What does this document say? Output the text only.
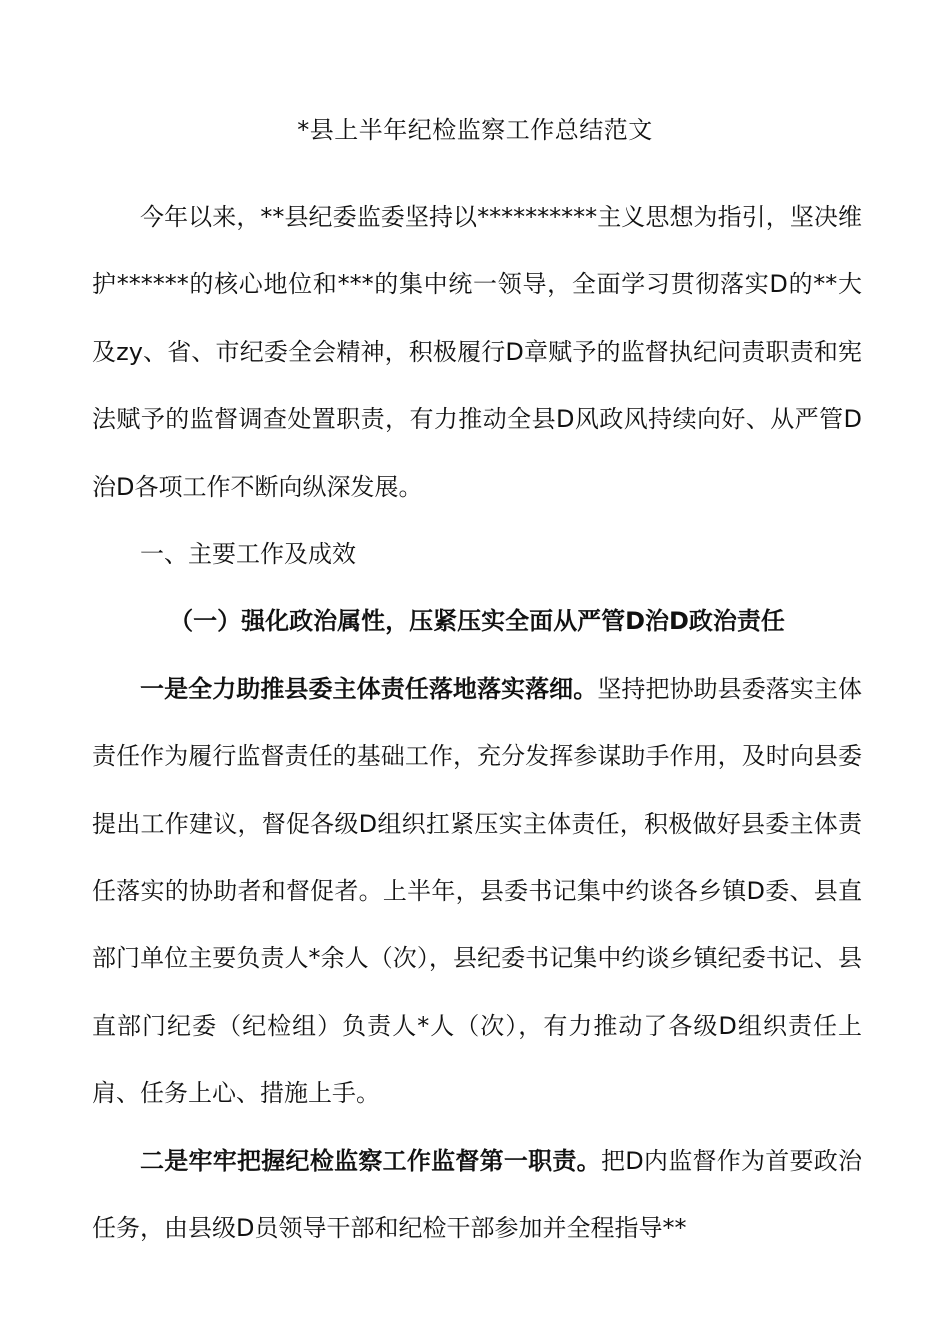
*县上半年纪检监察工作总结范文

今年以来，**县纪委监委坚持以**********主义思想为指引，坚决维护******的核心地位和***的集中统一领导，全面学习贯彻落实D的**大及zy、省、市纪委全会精神，积极履行D章赋予的监督执纪问责职责和宪法赋予的监督调查处置职责，有力推动全县D风政风持续向好、从严管D治D各项工作不断向纵深发展。

一、主要工作及成效

（一）强化政治属性，压紧压实全面从严管D治D政治责任

一是全力助推县委主体责任落地落实落细。坚持把协助县委落实主体责任作为履行监督责任的基础工作，充分发挥参谋助手作用，及时向县委提出工作建议，督促各级D组织扛紧压实主体责任，积极做好县委主体责任落实的协助者和督促者。上半年，县委书记集中约谈各乡镇D委、县直部门单位主要负责人*余人（次），县纪委书记集中约谈乡镇纪委书记、县直部门纪委（纪检组）负责人*人（次），有力推动了各级D组织责任上肩、任务上心、措施上手。

二是牢牢把握纪检监察工作监督第一职责。把D内监督作为首要政治任务，由县级D员领导干部和纪检干部参加并全程指导**
